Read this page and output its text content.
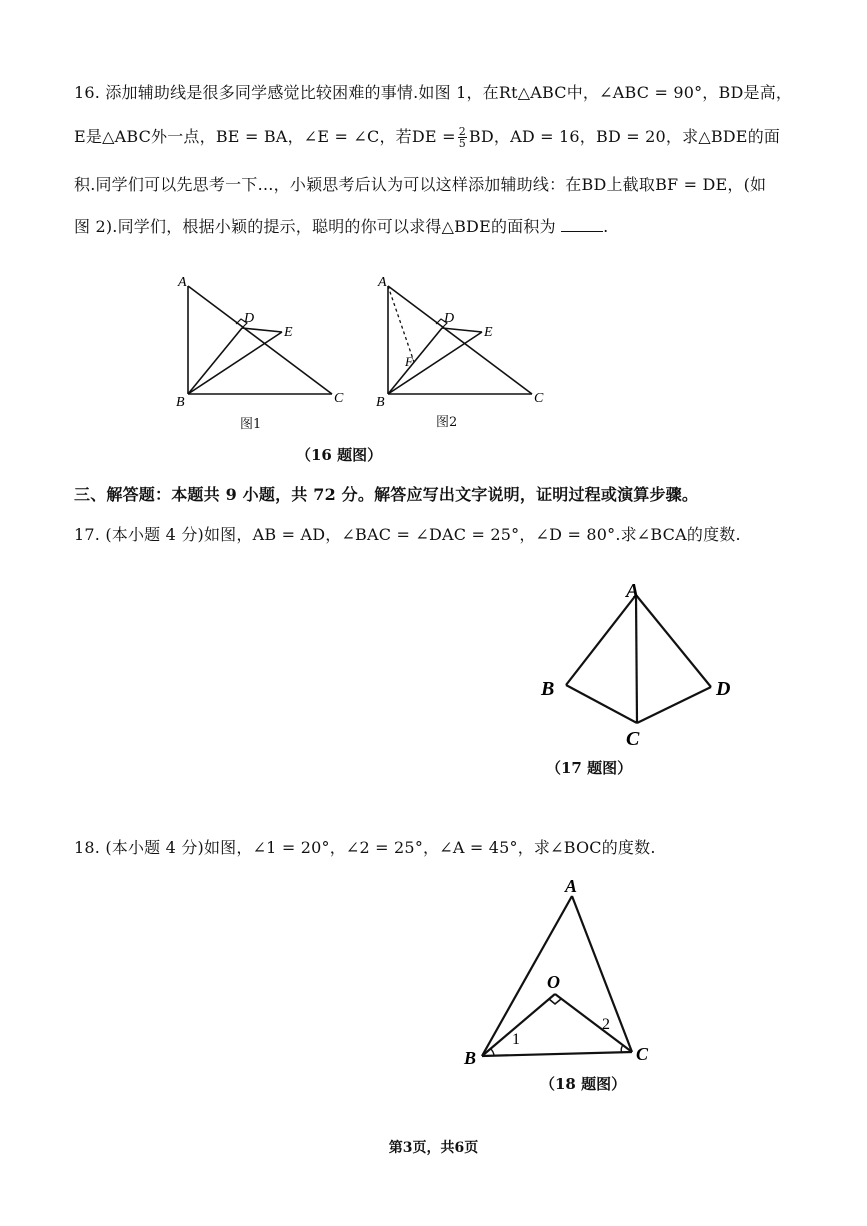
16. 添加辅助线是很多同学感觉比较困难的事情.如图 1，在Rt△ABC中，∠ABC = 90°，BD是高，
E是△ABC外一点，BE = BA，∠E = ∠C，若DE = $\frac{2}{5}$ BD，AD = 16，BD = 20，求△BDE的面
积.同学们可以先思考一下…，小颖思考后认为可以这样添加辅助线：在BD上截取BF = DE，(如
图 2).同学们，根据小颖的提示，聪明的你可以求得△BDE的面积为	.
A
B	C
D
E
图1
A
B	C
D
E
F
图2
（16 题图）
三、解答题：本题共 9 小题，共 72 分。解答应写出文字说明，证明过程或演算步骤。
17. (本小题 4 分)如图，AB = AD，∠BAC = ∠DAC = 25°，∠D = 80°.求∠BCA的度数.
A
B
C
D
（17 题图）
18. (本小题 4 分)如图，∠1 = 20°，∠2 = 25°，∠A = 45°，求∠BOC的度数.
A
B	C
O
1
2
（18 题图）
第3页，共6页
